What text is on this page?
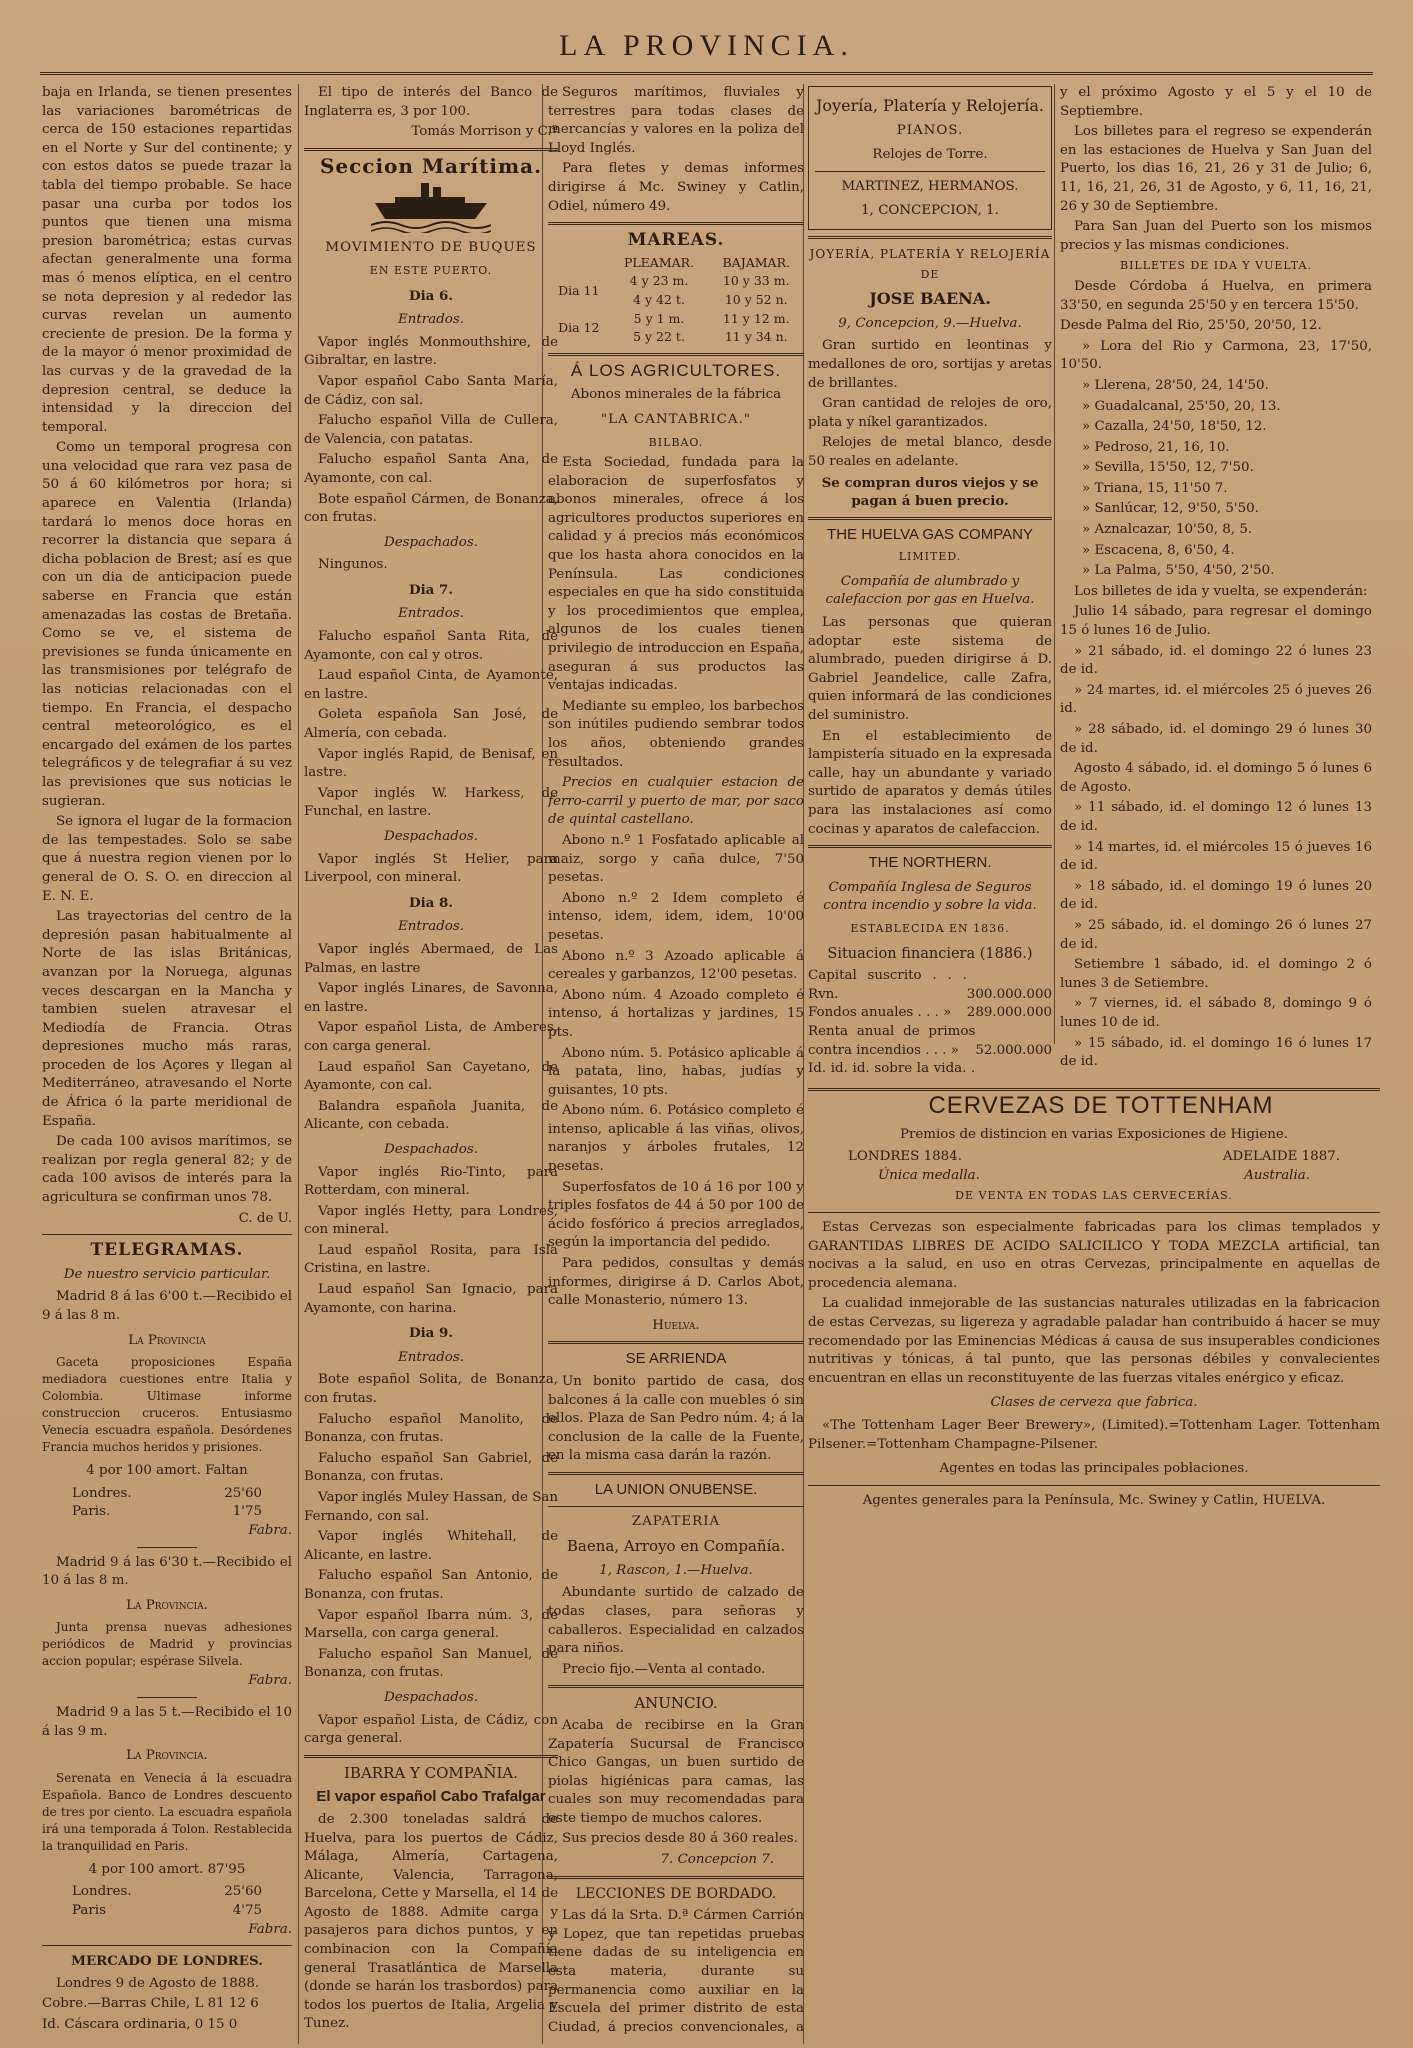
LA PROVINCIA.

baja en Irlanda, se tienen presentes las variaciones barométricas de cerca de 150 estaciones repartidas en el Norte y Sur del continente; y con estos datos se puede trazar la tabla del tiempo probable. Se hace pasar una curba por todos los puntos que tienen una misma presion barométrica; estas curvas afectan generalmente una forma mas ó menos elíptica, en el centro se nota depresion y al rededor las curvas revelan un aumento creciente de presion. De la forma y de la mayor ó menor proximidad de las curvas y de la gravedad de la depresion central, se deduce la intensidad y la direccion del temporal.

Como un temporal progresa con una velocidad que rara vez pasa de 50 á 60 kilómetros por hora; si aparece en Valentia (Irlanda) tardará lo menos doce horas en recorrer la distancia que separa á dicha poblacion de Brest; así es que con un dia de anticipacion puede saberse en Francia que están amenazadas las costas de Bretaña. Como se ve, el sistema de previsiones se funda únicamente en las transmisiones por telégrafo de las noticias relacionadas con el tiempo. En Francia, el despacho central meteorológico, es el encargado del exámen de los partes telegráficos y de telegrafiar á su vez las previsiones que sus noticias le sugieran.

Se ignora el lugar de la formacion de las tempestades. Solo se sabe que á nuestra region vienen por lo general de O. S. O. en direccion al E. N. E.

Las trayectorias del centro de la depresión pasan habitualmente al Norte de las islas Británicas, avanzan por la Noruega, algunas veces descargan en la Mancha y tambien suelen atravesar el Mediodía de Francia. Otras depresiones mucho más raras, proceden de los Açores y llegan al Mediterráneo, atravesando el Norte de África ó la parte meridional de España.

De cada 100 avisos marítimos, se realizan por regla general 82; y de cada 100 avisos de interés para la agricultura se confirman unos 78.

C. de U.

TELEGRAMAS.

De nuestro servicio particular.

Madrid 8 á las 6'00 t.—Recibido el 9 á las 8 m.

La Provincia

Gaceta proposiciones España mediadora cuestiones entre Italia y Colombia. Ultimase informe construccion cruceros. Entusiasmo Venecia escuadra española. Desórdenes Francia muchos heridos y prisiones.

4 por 100 amort. Faltan

Londres.	25'60
Paris.	1'75

Fabra.

Madrid 9 á las 6'30 t.—Recibido el 10 á las 8 m.

La Provincia.

Junta prensa nuevas adhesiones periódicos de Madrid y provincias accion popular; espérase Silvela.

Fabra.

Madrid 9 a las 5 t.—Recibido el 10 á las 9 m.

La Provincia.

Serenata en Venecia á la escuadra Española. Banco de Londres descuento de tres por ciento. La escuadra española irá una temporada á Tolon. Restablecida la tranquilidad en Paris.

4 por 100 amort. 87'95

Londres.	25'60
Paris	4'75

Fabra.

MERCADO DE LONDRES.

Londres 9 de Agosto de 1888.

Cobre.—Barras Chile, L 81 12 6

Id. Cáscara ordinaria, 0 15 0

El tipo de interés del Banco de Inglaterra es, 3 por 100.

Tomás Morrison y C.ª

Seccion Marítima.

MOVIMIENTO DE BUQUES

EN ESTE PUERTO.

Dia 6.

Entrados.

Vapor inglés Monmouthshire, de Gibraltar, en lastre.

Vapor español Cabo Santa María, de Cádiz, con sal.

Falucho español Villa de Cullera, de Valencia, con patatas.

Falucho español Santa Ana, de Ayamonte, con cal.

Bote español Cármen, de Bonanza, con frutas.

Despachados.

Ningunos.

Dia 7.

Entrados.

Falucho español Santa Rita, de Ayamonte, con cal y otros.

Laud español Cinta, de Ayamonte, en lastre.

Goleta española San José, de Almería, con cebada.

Vapor inglés Rapid, de Benisaf, en lastre.

Vapor inglés W. Harkess, de Funchal, en lastre.

Despachados.

Vapor inglés St Helier, para Liverpool, con mineral.

Dia 8.

Entrados.

Vapor inglés Abermaed, de Las Palmas, en lastre

Vapor inglés Linares, de Savonna, en lastre.

Vapor español Lista, de Amberes, con carga general.

Laud español San Cayetano, de Ayamonte, con cal.

Balandra española Juanita, de Alicante, con cebada.

Despachados.

Vapor inglés Rio-Tinto, para Rotterdam, con mineral.

Vapor inglés Hetty, para Londres, con mineral.

Laud español Rosita, para Isla Cristina, en lastre.

Laud español San Ignacio, para Ayamonte, con harina.

Dia 9.

Entrados.

Bote español Solita, de Bonanza, con frutas.

Falucho español Manolito, de Bonanza, con frutas.

Falucho español San Gabriel, de Bonanza, con frutas.

Vapor inglés Muley Hassan, de San Fernando, con sal.

Vapor inglés Whitehall, de Alicante, en lastre.

Falucho español San Antonio, de Bonanza, con frutas.

Vapor español Ibarra núm. 3, de Marsella, con carga general.

Falucho español San Manuel, de Bonanza, con frutas.

Despachados.

Vapor español Lista, de Cádiz, con carga general.

IBARRA Y COMPAÑIA.

El vapor español Cabo Trafalgar

de 2.300 toneladas saldrá de Huelva, para los puertos de Cádiz, Málaga, Almería, Cartagena, Alicante, Valencia, Tarragona, Barcelona, Cette y Marsella, el 14 de Agosto de 1888. Admite carga y pasajeros para dichos puntos, y en combinacion con la Compañía general Trasatlántica de Marsella (donde se harán los trasbordos) para todos los puertos de Italia, Argelia y Tunez.

Seguros marítimos, fluviales y terrestres para todas clases de mercancías y valores en la poliza del Lloyd Inglés.

Para fletes y demas informes dirigirse á Mc. Swiney y Catlin, Odiel, número 49.

MAREAS.

	PLEAMAR.	BAJAMAR.
Dia 11	4 y 23 m.	10 y 33 m.
	4 y 42 t.	10 y 52 n.
Dia 12	5 y 1 m.	11 y 12 m.
	5 y 22 t.	11 y 34 n.

Á LOS AGRICULTORES.

Abonos minerales de la fábrica

"LA CANTABRICA."

BILBAO.

Esta Sociedad, fundada para la elaboracion de superfosfatos y abonos minerales, ofrece á los agricultores productos superiores en calidad y á precios más económicos que los hasta ahora conocidos en la Península. Las condiciones especiales en que ha sido constituida y los procedimientos que emplea, algunos de los cuales tienen privilegio de introduccion en España, aseguran á sus productos las ventajas indicadas.

Mediante su empleo, los barbechos son inútiles pudiendo sembrar todos los años, obteniendo grandes resultados.

Precios en cualquier estacion de ferro-carril y puerto de mar, por saco de quintal castellano.

Abono n.º 1 Fosfatado aplicable al maiz, sorgo y caña dulce, 7'50 pesetas.

Abono n.º 2 Idem completo é intenso, idem, idem, idem, 10'00 pesetas.

Abono n.º 3 Azoado aplicable á cereales y garbanzos, 12'00 pesetas.

Abono núm. 4 Azoado completo é intenso, á hortalizas y jardines, 15 pts.

Abono núm. 5. Potásico aplicable á la patata, lino, habas, judías y guisantes, 10 pts.

Abono núm. 6. Potásico completo é intenso, aplicable á las viñas, olivos, naranjos y árboles frutales, 12 pesetas.

Superfosfatos de 10 á 16 por 100 y triples fosfatos de 44 á 50 por 100 de ácido fosfórico á precios arreglados, según la importancia del pedido.

Para pedidos, consultas y demás informes, dirigirse á D. Carlos Abot, calle Monasterio, número 13.

Huelva.

SE ARRIENDA

Un bonito partido de casa, dos balcones á la calle con muebles ó sin ellos. Plaza de San Pedro núm. 4; á la conclusion de la calle de la Fuente, en la misma casa darán la razón.

LA UNION ONUBENSE.

ZAPATERIA

Baena, Arroyo en Compañía.

1, Rascon, 1.—Huelva.

Abundante surtido de calzado de todas clases, para señoras y caballeros. Especialidad en calzados para niños.

Precio fijo.—Venta al contado.

ANUNCIO.

Acaba de recibirse en la Gran Zapatería Sucursal de Francisco Chico Gangas, un buen surtido de piolas higiénicas para camas, las cuales son muy recomendadas para este tiempo de muchos calores.

Sus precios desde 80 á 360 reales.

7. Concepcion 7.

LECCIONES DE BORDADO.

Las dá la Srta. D.ª Cármen Carrión y Lopez, que tan repetidas pruebas tiene dadas de su inteligencia en esta materia, durante su permanencia como auxiliar en la Escuela del primer distrito de esta Ciudad, á precios convencionales, a

Joyería, Platería y Relojería.

PIANOS.

Relojes de Torre.

MARTINEZ, HERMANOS.

1, CONCEPCION, 1.

JOYERÍA, PLATERÍA Y RELOJERÍA

DE

JOSE BAENA.

9, Concepcion, 9.—Huelva.

Gran surtido en leontinas y medallones de oro, sortijas y aretas de brillantes.

Gran cantidad de relojes de oro, plata y níkel garantizados.

Relojes de metal blanco, desde 50 reales en adelante.

Se compran duros viejos y se pagan á buen precio.

THE HUELVA GAS COMPANY

LIMITED.

Compañía de alumbrado y calefaccion por gas en Huelva.

Las personas que quieran adoptar este sistema de alumbrado, pueden dirigirse á D. Gabriel Jeandelice, calle Zafra, quien informará de las condiciones del suministro.

En el establecimiento de lampistería situado en la expresada calle, hay un abundante y variado surtido de aparatos y demás útiles para las instalaciones así como cocinas y aparatos de calefaccion.

THE NORTHERN.

Compañía Inglesa de Seguros contra incendio y sobre la vida.

ESTABLECIDA EN 1836.

Situacion financiera (1886.)

Capital suscrito . . . Rvn.	300.000.000
Fondos anuales . . . »	289.000.000
Renta anual de primos contra incendios . . . »	52.000.000
Id. id. id. sobre la vida. .

y el próximo Agosto y el 5 y el 10 de Septiembre.

Los billetes para el regreso se expenderán en las estaciones de Huelva y San Juan del Puerto, los dias 16, 21, 26 y 31 de Julio; 6, 11, 16, 21, 26, 31 de Agosto, y 6, 11, 16, 21, 26 y 30 de Septiembre.

Para San Juan del Puerto son los mismos precios y las mismas condiciones.

BILLETES DE IDA Y VUELTA.

Desde Córdoba á Huelva, en primera 33'50, en segunda 25'50 y en tercera 15'50.

Desde Palma del Rio, 25'50, 20'50, 12.

» Lora del Rio y Carmona, 23, 17'50, 10'50.

» Llerena, 28'50, 24, 14'50.

» Guadalcanal, 25'50, 20, 13.

» Cazalla, 24'50, 18'50, 12.

» Pedroso, 21, 16, 10.

» Sevilla, 15'50, 12, 7'50.

» Triana, 15, 11'50 7.

» Sanlúcar, 12, 9'50, 5'50.

» Aznalcazar, 10'50, 8, 5.

» Escacena, 8, 6'50, 4.

» La Palma, 5'50, 4'50, 2'50.

Los billetes de ida y vuelta, se expenderán:

Julio 14 sábado, para regresar el domingo 15 ó lunes 16 de Julio.

» 21 sábado, id. el domingo 22 ó lunes 23 de id.

» 24 martes, id. el miércoles 25 ó jueves 26 id.

» 28 sábado, id. el domingo 29 ó lunes 30 de id.

Agosto 4 sábado, id. el domingo 5 ó lunes 6 de Agosto.

» 11 sábado, id. el domingo 12 ó lunes 13 de id.

» 14 martes, id. el miércoles 15 ó jueves 16 de id.

» 18 sábado, id. el domingo 19 ó lunes 20 de id.

» 25 sábado, id. el domingo 26 ó lunes 27 de id.

Setiembre 1 sábado, id. el domingo 2 ó lunes 3 de Setiembre.

» 7 viernes, id. el sábado 8, domingo 9 ó lunes 10 de id.

» 15 sábado, id. el domingo 16 ó lunes 17 de id.

CERVEZAS DE TOTTENHAM

Premios de distincion en varias Exposiciones de Higiene.

LONDRES 1884.	ADELAIDE 1887.
Única medalla.	Australia.

DE VENTA EN TODAS LAS CERVECERÍAS.

Estas Cervezas son especialmente fabricadas para los climas templados y GARANTIDAS LIBRES DE ACIDO SALICILICO Y TODA MEZCLA artificial, tan nocivas a la salud, en uso en otras Cervezas, principalmente en aquellas de procedencia alemana.

La cualidad inmejorable de las sustancias naturales utilizadas en la fabricacion de estas Cervezas, su ligereza y agradable paladar han contribuido á hacer se muy recomendado por las Eminencias Médicas á causa de sus insuperables condiciones nutritivas y tónicas, á tal punto, que las personas débiles y convalecientes encuentran en ellas un reconstituyente de las fuerzas vitales enérgico y eficaz.

Clases de cerveza que fabrica.

«The Tottenham Lager Beer Brewery», (Limited).=Tottenham Lager. Tottenham Pilsener.=Tottenham Champagne-Pilsener.

Agentes en todas las principales poblaciones.

Agentes generales para la Península, Mc. Swiney y Catlin, HUELVA.
